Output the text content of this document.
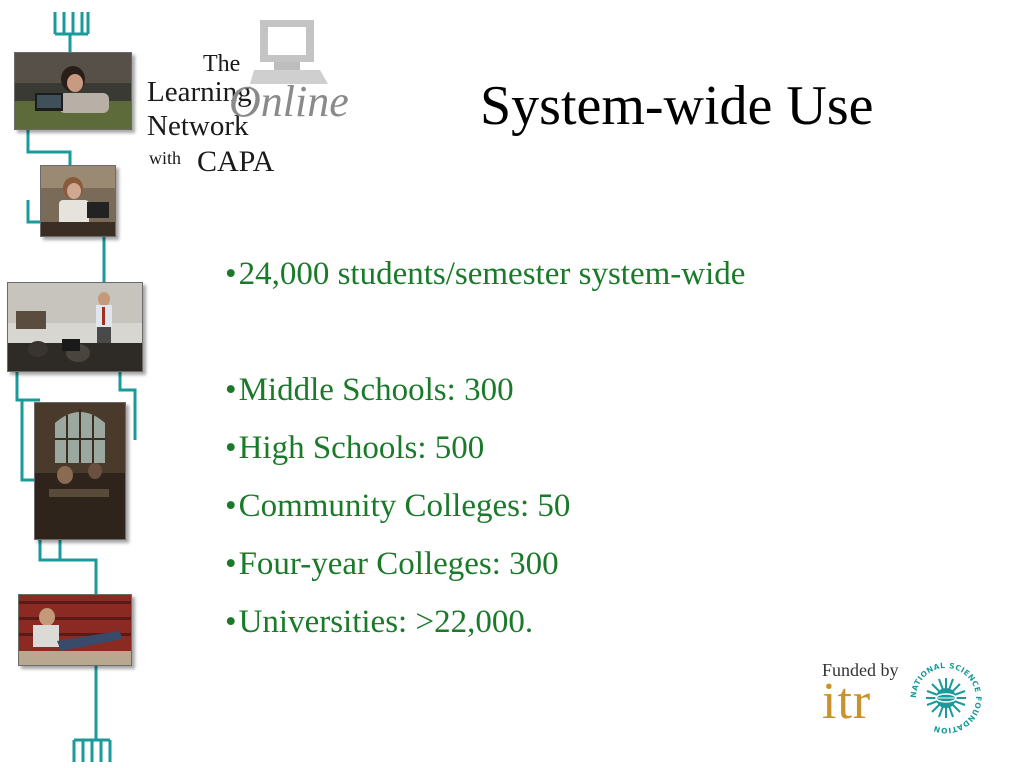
The
Learning
Network
with CAPA
Online System-wide Use
•24,000 students/semester system-wide
•Middle Schools: 300
•High Schools: 500
•Community Colleges: 50
•Four-year Colleges: 300
•Universities: >22,000.
Funded by
itr	NATIONAL SCIENCE FOUNDATION
